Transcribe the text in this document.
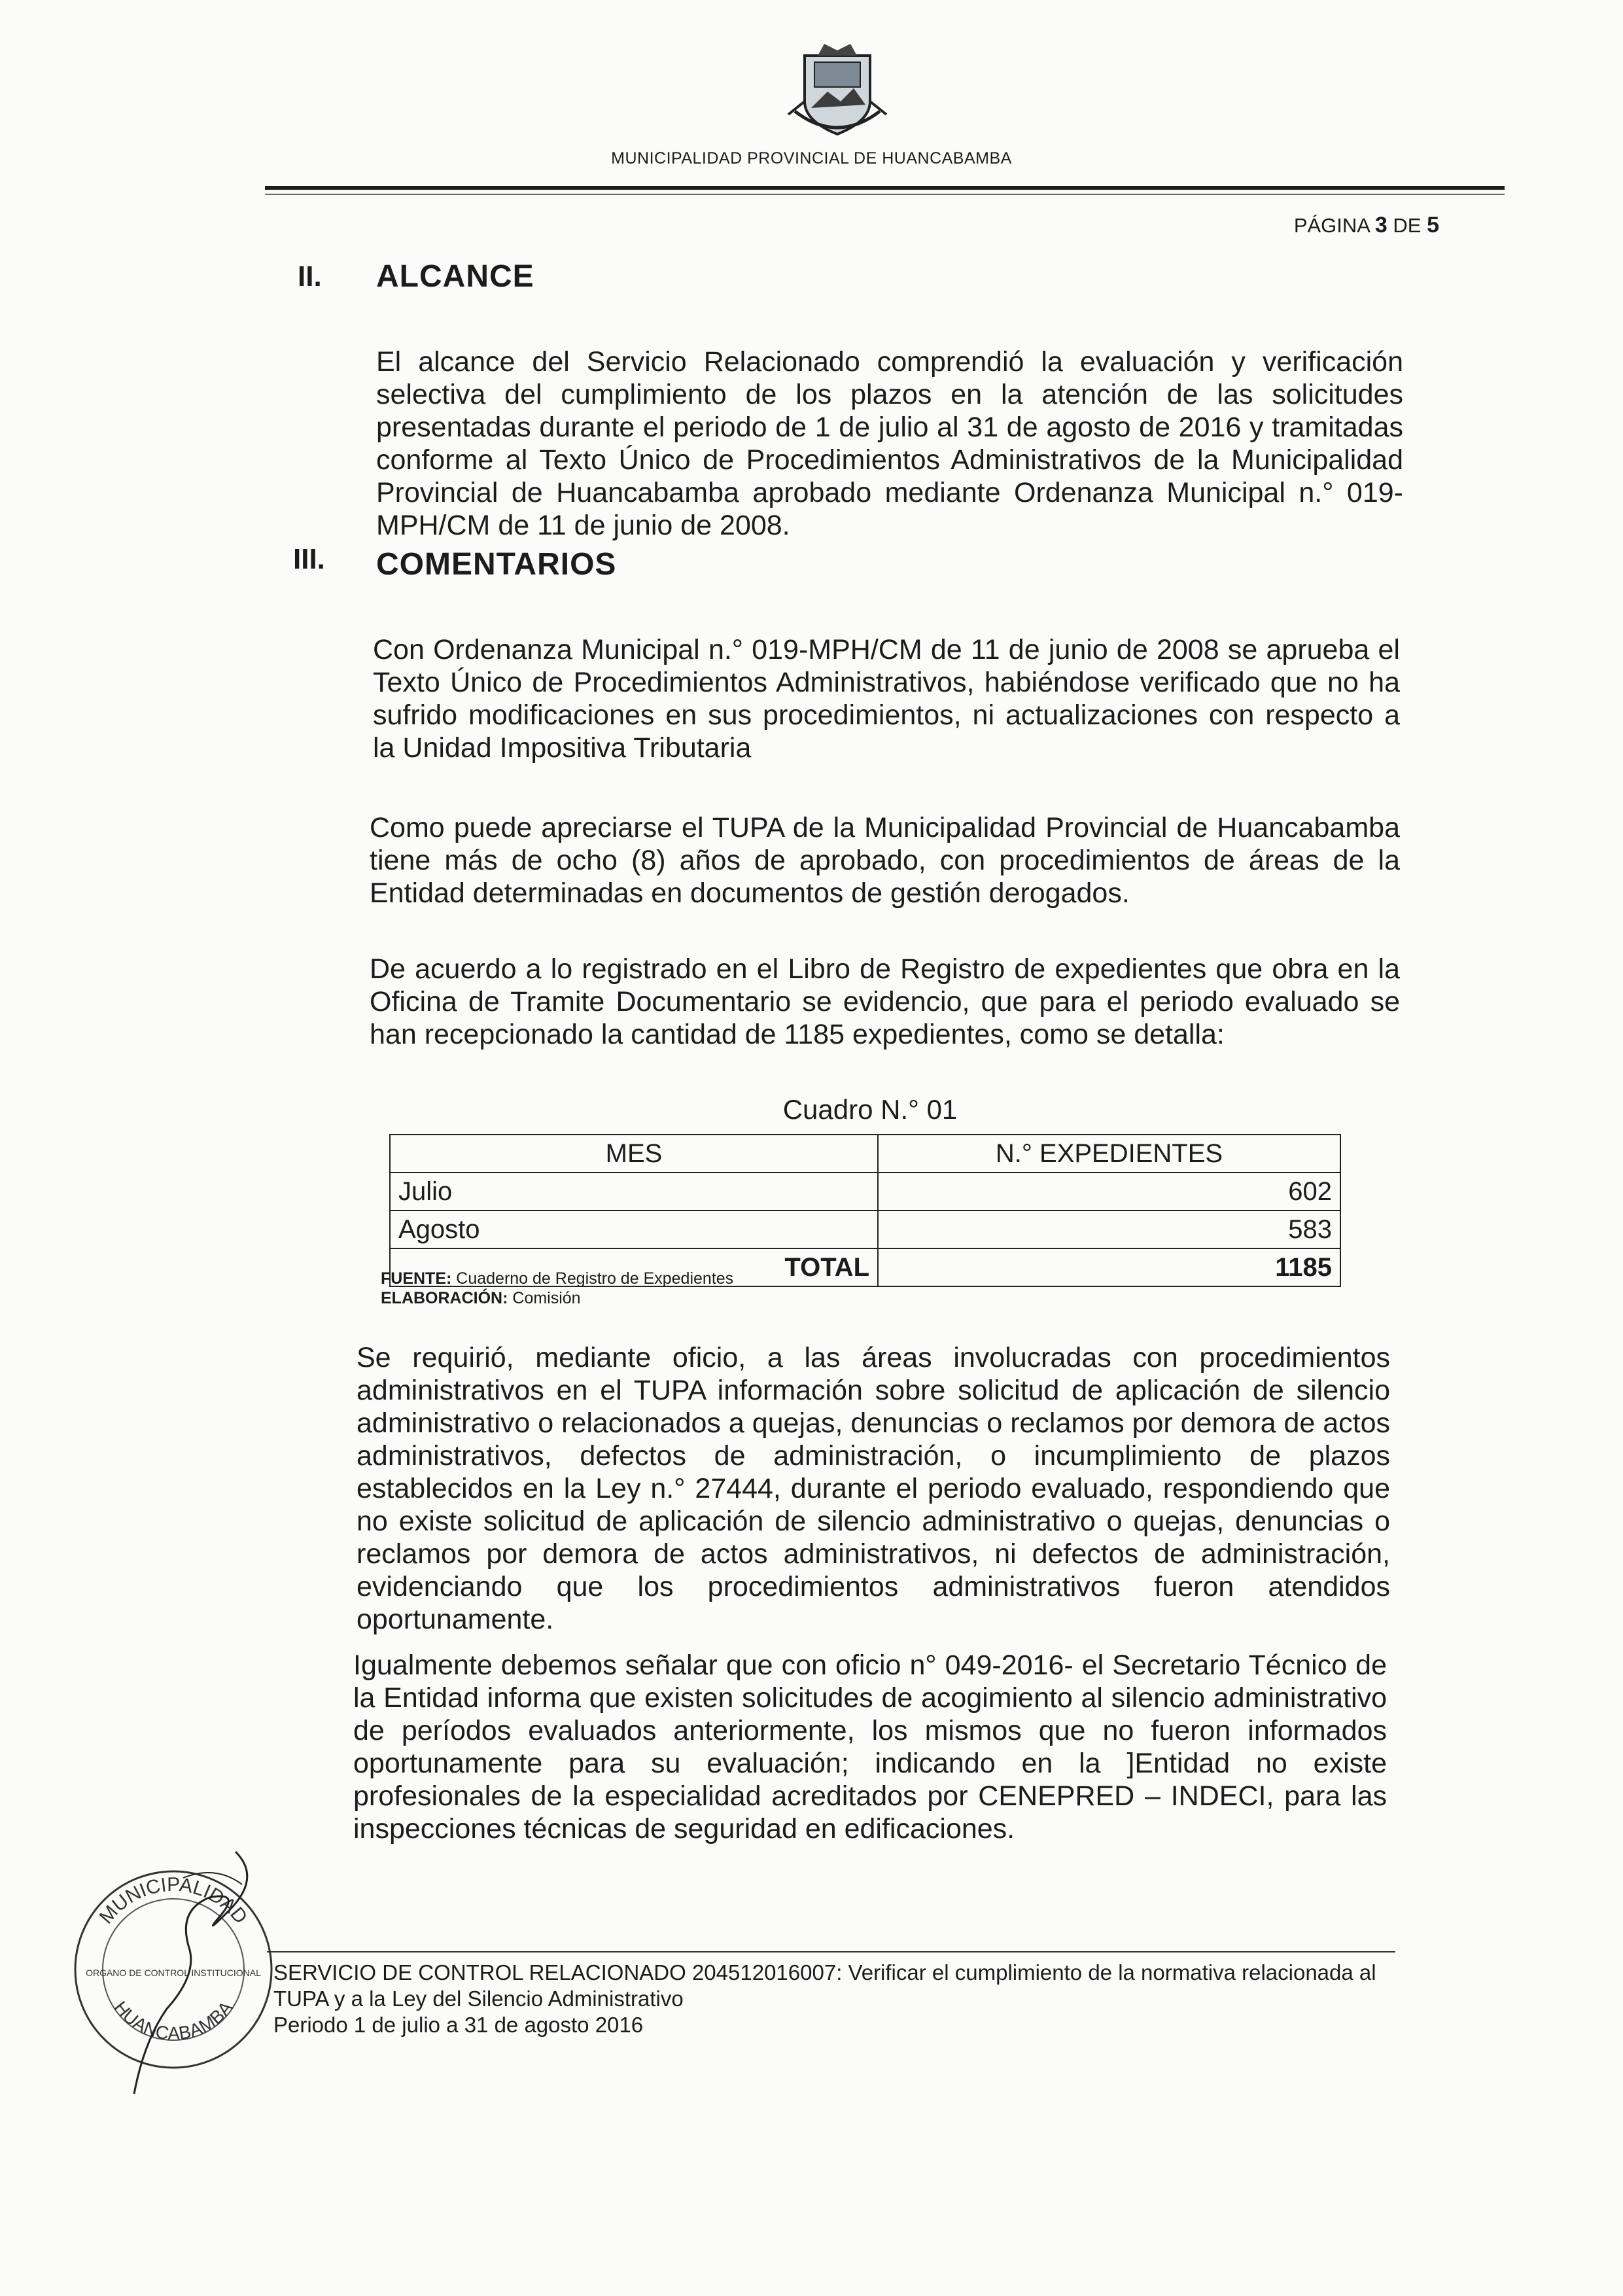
MUNICIPALIDAD PROVINCIAL DE HUANCABAMBA
PÁGINA 3 DE 5
II. ALCANCE

El alcance del Servicio Relacionado comprendió la evaluación y verificación selectiva del cumplimiento de los plazos en la atención de las solicitudes presentadas durante el periodo de 1 de julio al 31 de agosto de 2016 y tramitadas conforme al Texto Único de Procedimientos Administrativos de la Municipalidad Provincial de Huancabamba aprobado mediante Ordenanza Municipal n.° 019-MPH/CM de 11 de junio de 2008.

III. COMENTARIOS

Con Ordenanza Municipal n.° 019-MPH/CM de 11 de junio de 2008 se aprueba el Texto Único de Procedimientos Administrativos, habiéndose verificado que no ha sufrido modificaciones en sus procedimientos, ni actualizaciones con respecto a la Unidad Impositiva Tributaria

Como puede apreciarse el TUPA de la Municipalidad Provincial de Huancabamba tiene más de ocho (8) años de aprobado, con procedimientos de áreas de la Entidad determinadas en documentos de gestión derogados.

De acuerdo a lo registrado en el Libro de Registro de expedientes que obra en la Oficina de Tramite Documentario se evidencio, que para el periodo evaluado se han recepcionado la cantidad de 1185 expedientes, como se detalla:

Cuadro N.° 01
MES	N.° EXPEDIENTES
Julio	602
Agosto	583
TOTAL	1185
FUENTE: Cuaderno de Registro de Expedientes
ELABORACIÓN: Comisión

Se requirió, mediante oficio, a las áreas involucradas con procedimientos administrativos en el TUPA información sobre solicitud de aplicación de silencio administrativo o relacionados a quejas, denuncias o reclamos por demora de actos administrativos, defectos de administración, o incumplimiento de plazos establecidos en la Ley n.° 27444, durante el periodo evaluado, respondiendo que no existe solicitud de aplicación de silencio administrativo o quejas, denuncias o reclamos por demora de actos administrativos, ni defectos de administración, evidenciando que los procedimientos administrativos fueron atendidos oportunamente.

Igualmente debemos señalar que con oficio n° 049-2016- el Secretario Técnico de la Entidad informa que existen solicitudes de acogimiento al silencio administrativo de períodos evaluados anteriormente, los mismos que no fueron informados oportunamente para su evaluación; indicando en la ]Entidad no existe profesionales de la especialidad acreditados por CENEPRED – INDECI, para las inspecciones técnicas de seguridad en edificaciones.

MUNICIPALIDAD
HUANCABAMBA
ORGANO DE CONTROL INSTITUCIONAL SERVICIO DE CONTROL RELACIONADO 204512016007: Verificar el cumplimiento de la normativa relacionada al
TUPA y a la Ley del Silencio Administrativo
Periodo 1 de julio a 31 de agosto 2016
